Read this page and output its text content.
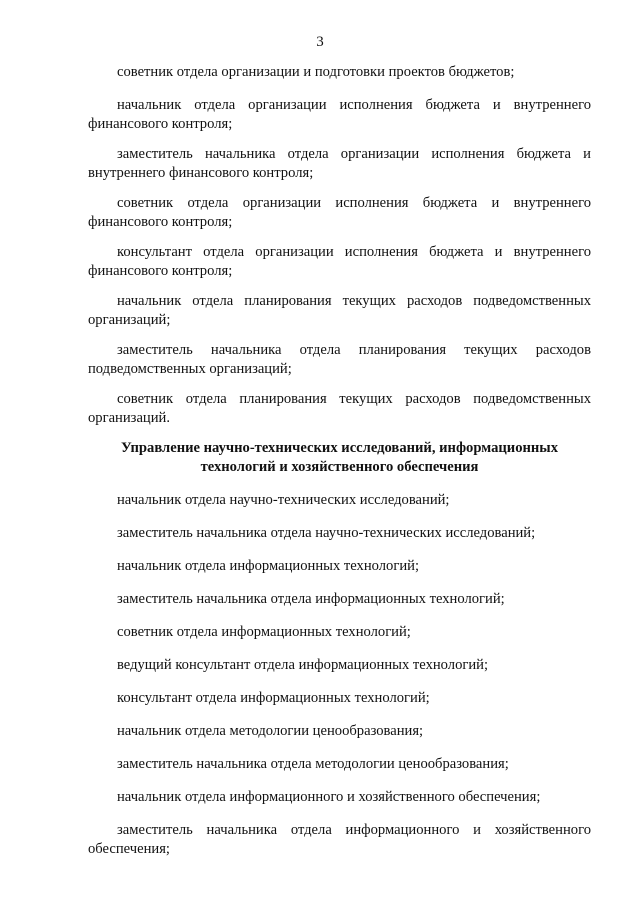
3

советник отдела организации и подготовки проектов бюджетов;

начальник отдела организации исполнения бюджета и внутреннего финансового контроля;

заместитель начальника отдела организации исполнения бюджета и внутреннего финансового контроля;

советник отдела организации исполнения бюджета и внутреннего финансового контроля;

консультант отдела организации исполнения бюджета и внутреннего финансового контроля;

начальник отдела планирования текущих расходов подведомственных организаций;

заместитель начальника отдела планирования текущих расходов подведомственных организаций;

советник отдела планирования текущих расходов подведомственных организаций.

Управление научно-технических исследований, информационных
технологий и хозяйственного обеспечения

начальник отдела научно-технических исследований;

заместитель начальника отдела научно-технических исследований;

начальник отдела информационных технологий;

заместитель начальника отдела информационных технологий;

советник отдела информационных технологий;

ведущий консультант отдела информационных технологий;

консультант отдела информационных технологий;

начальник отдела методологии ценообразования;

заместитель начальника отдела методологии ценообразования;

начальник отдела информационного и хозяйственного обеспечения;

заместитель начальника отдела информационного и хозяйственного обеспечения;
